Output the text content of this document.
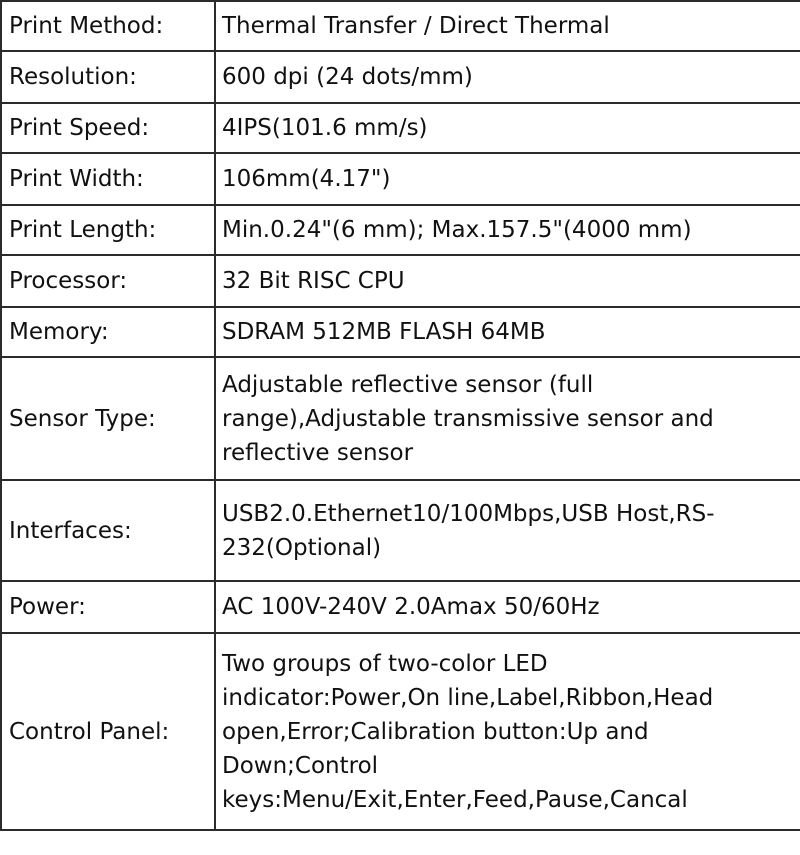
Print Method:	Thermal Transfer / Direct Thermal
Resolution:	600 dpi (24 dots/mm)
Print Speed:	4IPS(101.6 mm/s)
Print Width:	106mm(4.17")
Print Length:	Min.0.24"(6 mm); Max.157.5"(4000 mm)
Processor:	32 Bit RISC CPU
Memory:	SDRAM 512MB FLASH 64MB
Sensor Type:	Adjustable reflective sensor (full range),Adjustable transmissive sensor and reflective sensor
Interfaces:	USB2.0.Ethernet10/100Mbps,USB Host,RS-232(Optional)
Power:	AC 100V-240V 2.0Amax 50/60Hz
Control Panel:	Two groups of two-color LED indicator:Power,On line,Label,Ribbon,Head open,Error;Calibration button:Up and Down;Control keys:Menu/Exit,Enter,Feed,Pause,Cancal
